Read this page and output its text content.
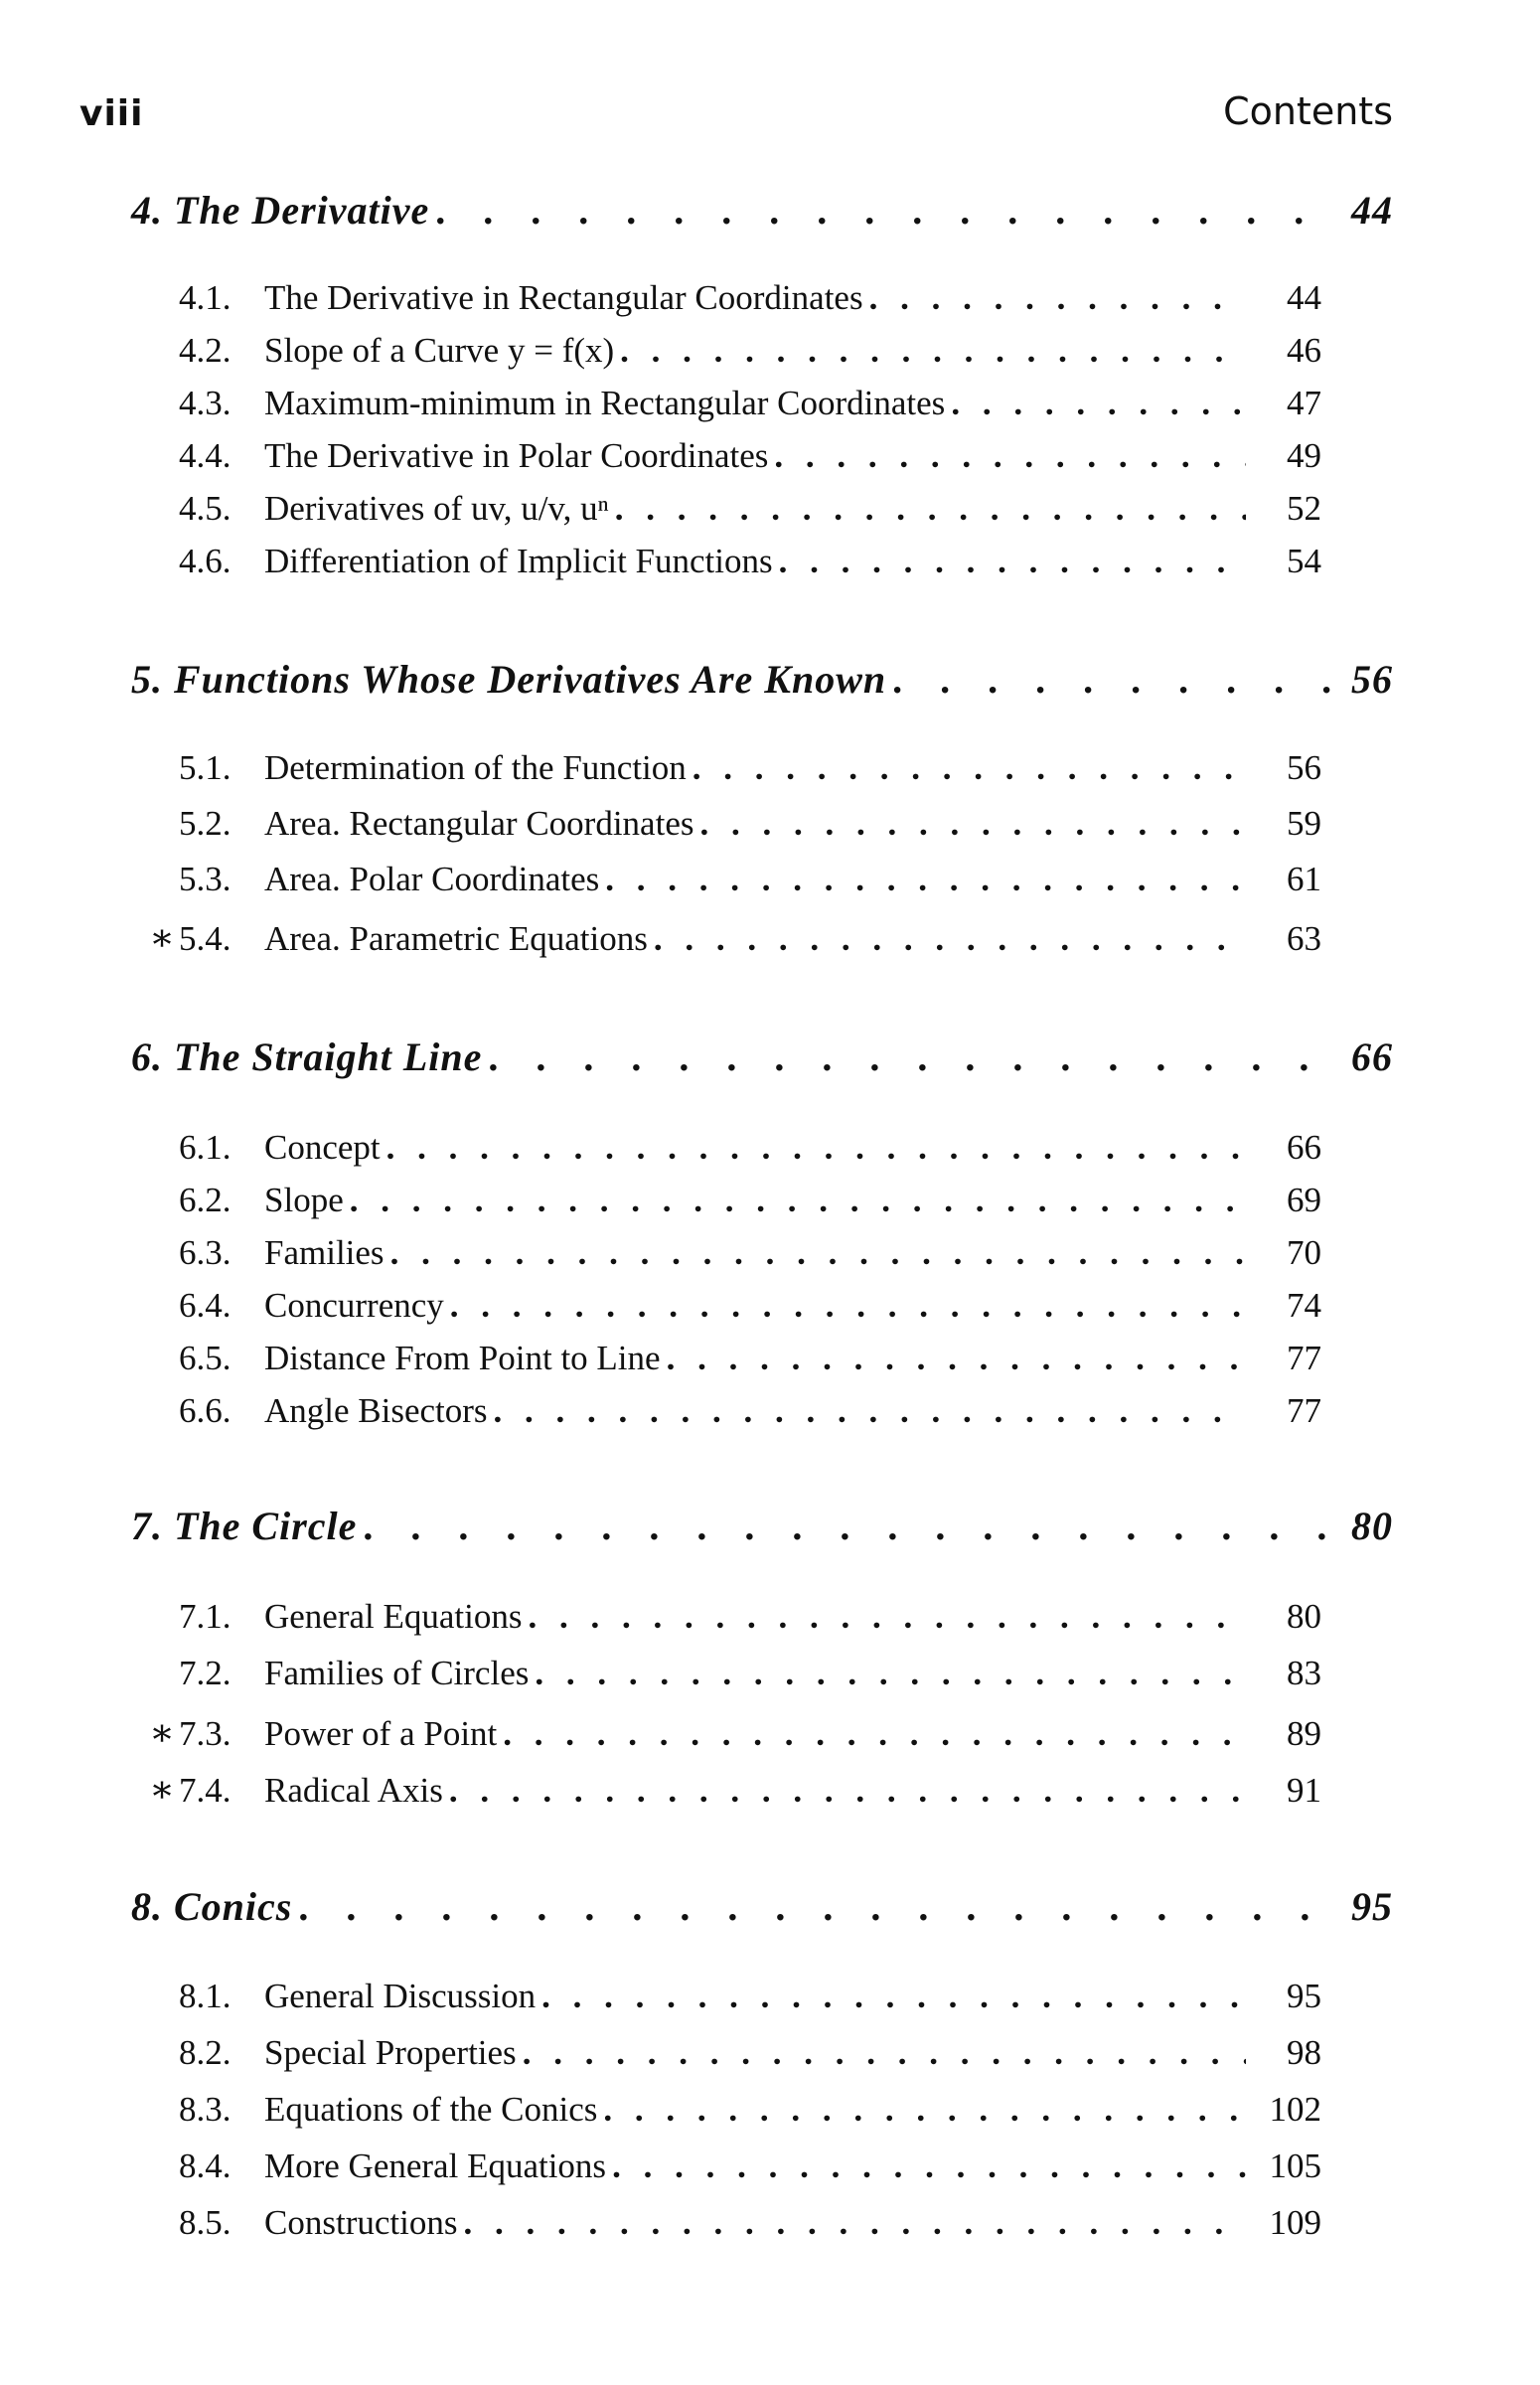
viii	Contents
4. The Derivative . . .	44
4.1. The Derivative in Rectangular Coordinates . . .	44
4.2. Slope of a Curve y = f(x) . . .	46
4.3. Maximum-minimum in Rectangular Coordinates . . .	47
4.4. The Derivative in Polar Coordinates . . .	49
4.5. Derivatives of uv, u/v, uⁿ . . .	52
4.6. Differentiation of Implicit Functions . . .	54
5. Functions Whose Derivatives Are Known . . .	56
5.1. Determination of the Function . . .	56
5.2. Area. Rectangular Coordinates . . .	59
5.3. Area. Polar Coordinates . . .	61
∗ 5.4. Area. Parametric Equations . . .	63
6. The Straight Line . . .	66
6.1. Concept . . .	66
6.2. Slope . . .	69
6.3. Families . . .	70
6.4. Concurrency . . .	74
6.5. Distance From Point to Line . . .	77
6.6. Angle Bisectors . . .	77
7. The Circle . . .	80
7.1. General Equations . . .	80
7.2. Families of Circles . . .	83
∗ 7.3. Power of a Point . . .	89
∗ 7.4. Radical Axis . . .	91
8. Conics . . .	95
8.1. General Discussion . . .	95
8.2. Special Properties . . .	98
8.3. Equations of the Conics . . .	102
8.4. More General Equations . . .	105
8.5. Constructions . . .	109
